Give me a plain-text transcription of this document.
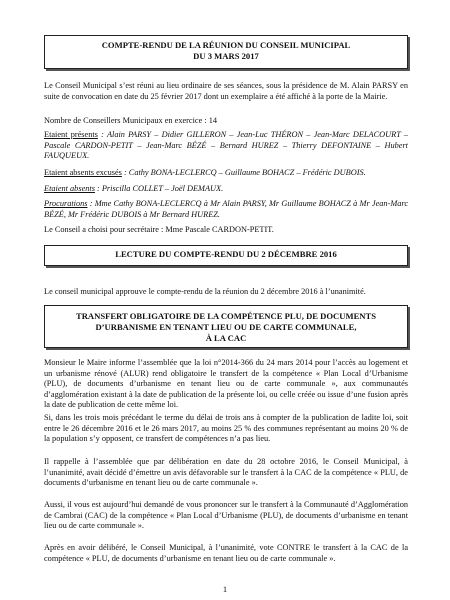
COMPTE-RENDU DE LA RÉUNION DU CONSEIL MUNICIPAL
DU 3 MARS 2017

Le Conseil Municipal s’est réuni au lieu ordinaire de ses séances, sous la présidence de M. Alain PARSY en suite de convocation en date du 25 février 2017 dont un exemplaire a été affiché à la porte de la Mairie.

Nombre de Conseillers Municipaux en exercice : 14

Etaient présents : Alain PARSY – Didier GILLERON – Jean-Luc THÉRON – Jean-Marc DELACOURT – Pascale CARDON-PETIT – Jean-Marc BÉZÉ – Bernard HUREZ – Thierry DEFONTAINE – Hubert FAUQUEUX.

Etaient absents excusés : Cathy BONA-LECLERCQ – Guillaume BOHACZ – Frédéric DUBOIS.

Etaient absents : Priscilla COLLET – Joël DEMAUX.

Procurations : Mme Cathy BONA-LECLERCQ à Mr Alain PARSY, Mr Guillaume BOHACZ à Mr Jean-Marc BÉZÉ, Mr Frédéric DUBOIS à Mr Bernard HUREZ.

Le Conseil a choisi pour secrétaire : Mme Pascale CARDON-PETIT.

LECTURE DU COMPTE-RENDU DU 2 DÉCEMBRE 2016

Le conseil municipal approuve le compte-rendu de la réunion du 2 décembre 2016 à l’unanimité.

TRANSFERT OBLIGATOIRE DE LA COMPÉTENCE PLU, DE DOCUMENTS
D’URBANISME EN TENANT LIEU OU DE CARTE COMMUNALE,
À LA CAC

Monsieur le Maire informe l’assemblée que la loi n°2014-366 du 24 mars 2014 pour l’accès au logement et un urbanisme rénové (ALUR) rend obligatoire le transfert de la compétence « Plan Local d’Urbanisme (PLU), de documents d’urbanisme en tenant lieu ou de carte communale », aux communautés d’agglomération existant à la date de publication de la présente loi, ou celle créée ou issue d’une fusion après la date de publication de cette même loi.

Si, dans les trois mois précédant le terme du délai de trois ans à compter de la publication de ladite loi, soit entre le 26 décembre 2016 et le 26 mars 2017, au moins 25 % des communes représentant au moins 20 % de la population s’y opposent, ce transfert de compétences n’a pas lieu.

Il rappelle à l’assemblée que par délibération en date du 28 octobre 2016, le Conseil Municipal, à l’unanimité, avait décidé d’émettre un avis défavorable sur le transfert à la CAC de la compétence « PLU, de documents d’urbanisme en tenant lieu ou de carte communale ».

Aussi, il vous est aujourd’hui demandé de vous prononcer sur le transfert à la Communauté d’Agglomération de Cambrai (CAC) de la compétence « Plan Local d’Urbanisme (PLU), de documents d’urbanisme en tenant lieu ou de carte communale ».

Après en avoir délibéré, le Conseil Municipal, à l’unanimité, vote CONTRE le transfert à la CAC de la compétence « PLU, de documents d’urbanisme en tenant lieu ou de carte communale ».

1
